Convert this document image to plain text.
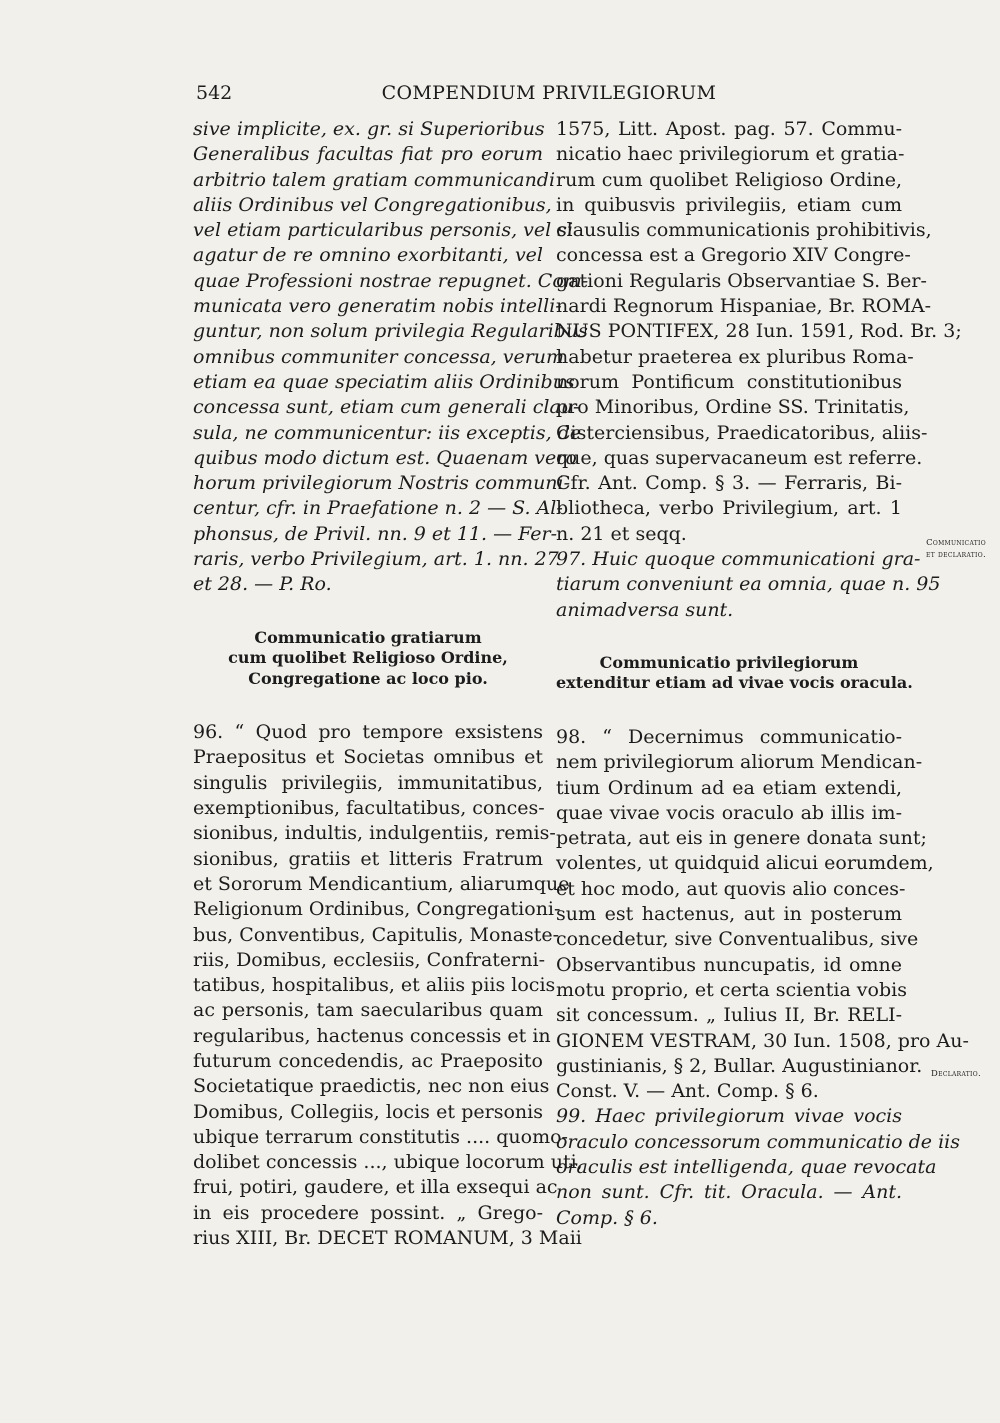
542	COMPENDIUM PRIVILEGIORUM
sive implicite, ex. gr. si Superioribus
Generalibus facultas fiat pro eorum
arbitrio talem gratiam communicandi
aliis Ordinibus vel Congregationibus,
vel etiam particularibus personis, vel si
agatur de re omnino exorbitanti, vel
quae Professioni nostrae repugnet. Com-
municata vero generatim nobis intelli-
guntur, non solum privilegia Regularibus
omnibus communiter concessa, verum
etiam ea quae speciatim aliis Ordinibus
concessa sunt, etiam cum generali clau-
sula, ne communicentur: iis exceptis, de
quibus modo dictum est. Quaenam vero
horum privilegiorum Nostris communi-
centur, cfr. in Praefatione n. 2 — S. Al-
phonsus, de Privil. nn. 9 et 11. — Fer-
raris, verbo Privilegium, art. 1. nn. 27
et 28. — P. Ro.
Communicatio gratiarum
cum quolibet Religioso Ordine,
Congregatione ac loco pio.
96. “ Quod pro tempore exsistens
Praepositus et Societas omnibus et
singulis privilegiis, immunitatibus,
exemptionibus, facultatibus, conces-
sionibus, indultis, indulgentiis, remis-
sionibus, gratiis et litteris Fratrum
et Sororum Mendicantium, aliarumque
Religionum Ordinibus, Congregationi-
bus, Conventibus, Capitulis, Monaste-
riis, Domibus, ecclesiis, Confraterni-
tatibus, hospitalibus, et aliis piis locis
ac personis, tam saecularibus quam
regularibus, hactenus concessis et in
futurum concedendis, ac Praeposito
Societatique praedictis, nec non eius
Domibus, Collegiis, locis et personis
ubique terrarum constitutis .... quomo-
dolibet concessis ..., ubique locorum uti,
frui, potiri, gaudere, et illa exsequi ac
in eis procedere possint. „ Grego-
rius XIII, Br. DECET ROMANUM, 3 Maii
1575, Litt. Apost. pag. 57. Commu-
nicatio haec privilegiorum et gratia-
rum cum quolibet Religioso Ordine,
in quibusvis privilegiis, etiam cum
clausulis communicationis prohibitivis,
concessa est a Gregorio XIV Congre-
gationi Regularis Observantiae S. Ber-
nardi Regnorum Hispaniae, Br. ROMA-
NUS PONTIFEX, 28 Iun. 1591, Rod. Br. 3;
habetur praeterea ex pluribus Roma-
norum Pontificum constitutionibus
pro Minoribus, Ordine SS. Trinitatis,
Cisterciensibus, Praedicatoribus, aliis-
que, quas supervacaneum est referre.
Cfr. Ant. Comp. § 3. — Ferraris, Bi-
bliotheca, verbo Privilegium, art. 1
n. 21 et seqq.
97. Huic quoque communicationi gra-
tiarum conveniunt ea omnia, quae n. 95
animadversa sunt.
Communicatio privilegiorum
extenditur etiam ad vivae vocis oracula.
98. “ Decernimus communicatio-
nem privilegiorum aliorum Mendican-
tium Ordinum ad ea etiam extendi,
quae vivae vocis oraculo ab illis im-
petrata, aut eis in genere donata sunt;
volentes, ut quidquid alicui eorumdem,
et hoc modo, aut quovis alio conces-
sum est hactenus, aut in posterum
concedetur, sive Conventualibus, sive
Observantibus nuncupatis, id omne
motu proprio, et certa scientia vobis
sit concessum. „ Iulius II, Br. RELI-
GIONEM VESTRAM, 30 Iun. 1508, pro Au-
gustinianis, § 2, Bullar. Augustinianor.
Const. V. — Ant. Comp. § 6.
99. Haec privilegiorum vivae vocis
oraculo concessorum communicatio de iis
oraculis est intelligenda, quae revocata
non sunt. Cfr. tit. Oracula. — Ant.
Comp. § 6.
Communicatio
et declaratio.
Declaratio.
